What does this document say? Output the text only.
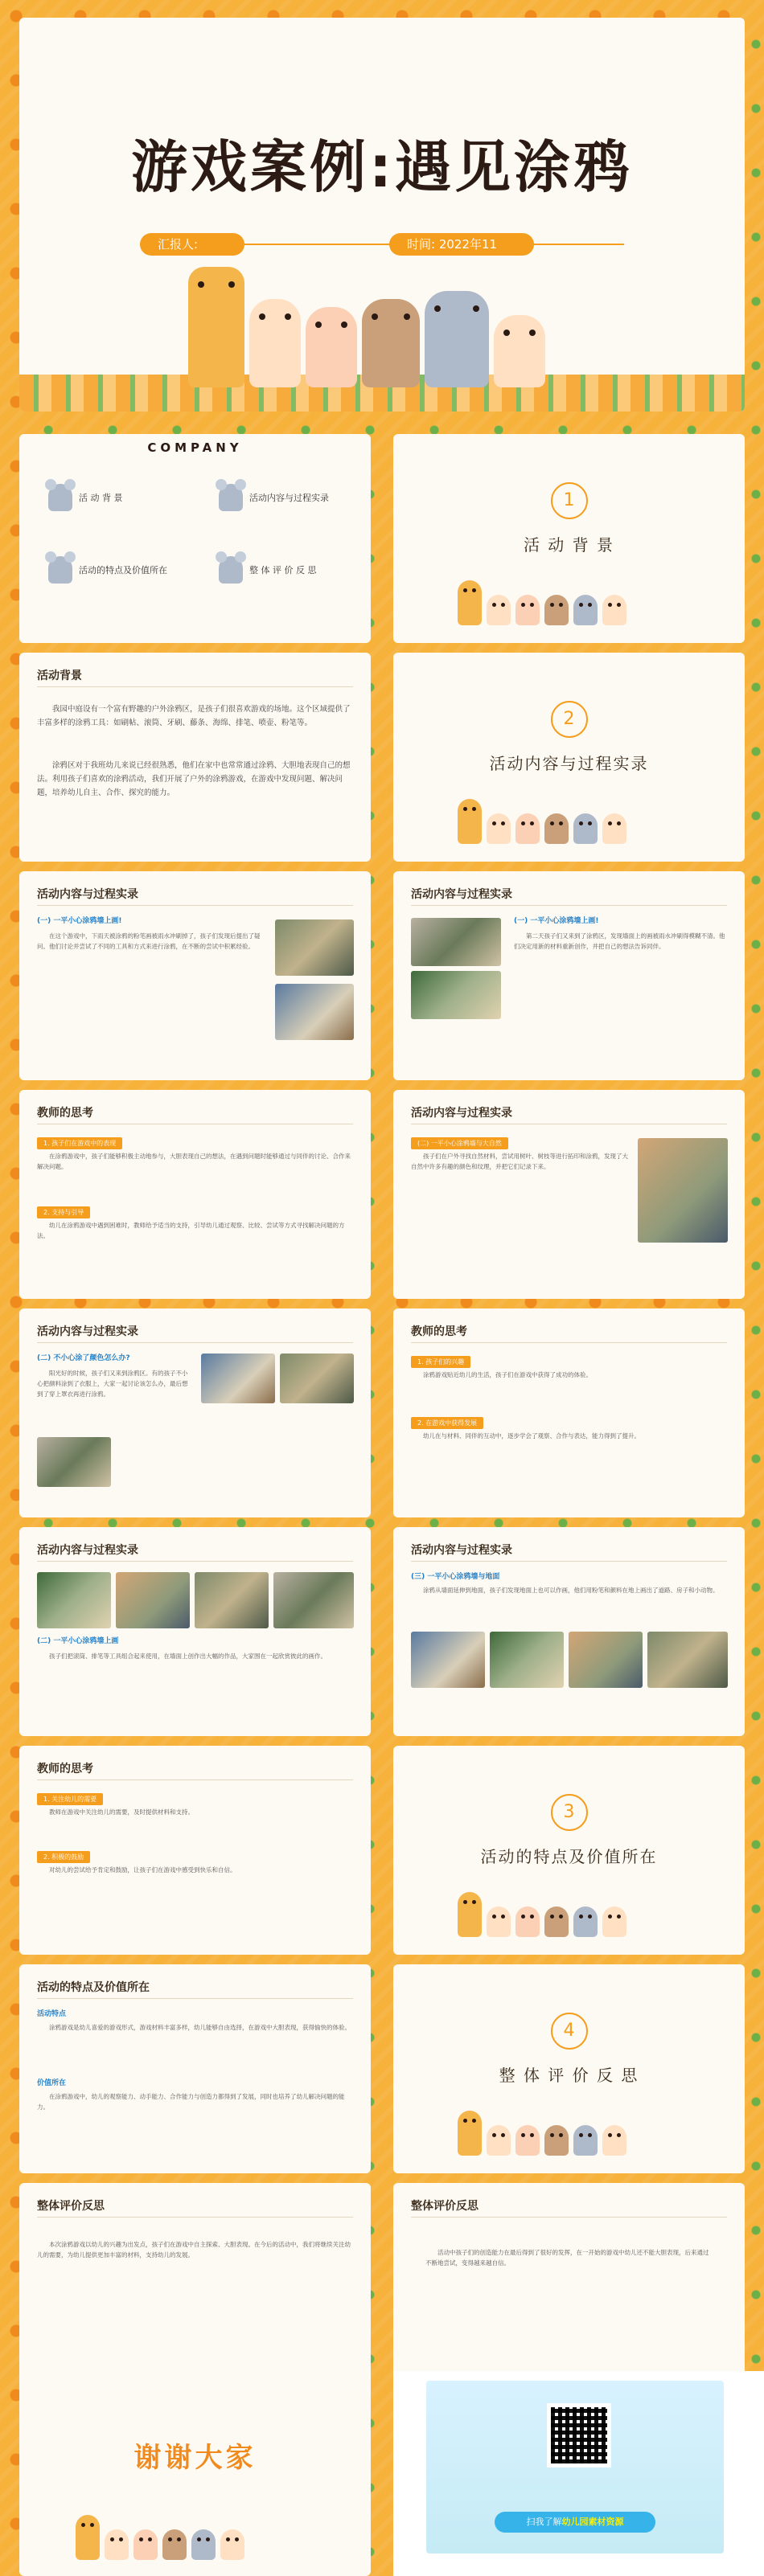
游戏案例:遇见涂鸦
汇报人:	时间: 2022年11
COMPANY
活 动 背 景	活动内容与过程实录
活动的特点及价值所在	整 体 评 价 反 思
1
活 动 背 景
活动背景
我园中庭设有一个富有野趣的户外涂鸦区，是孩子们很喜欢游戏的场地。这个区域提供了丰富多样的涂鸦工具：如刷帖、滚筒、牙刷、藤条、海绵、排笔、喷壶、粉笔等。
涂鸦区对于我班幼儿来说已经很熟悉，他们在家中也常常通过涂鸦、大胆地表现自己的想法。利用孩子们喜欢的涂鸦活动，我们开展了户外的涂鸦游戏，在游戏中发现问题、解决问题，培养幼儿自主、合作、探究的能力。
2
活动内容与过程实录
活动内容与过程实录
(一) 一平小心涂鸦墙上画!
在这个游戏中，下雨天被涂鸦的粉笔画被雨水冲刷掉了，孩子们发现后提出了疑问。他们讨论并尝试了不同的工具和方式来进行涂鸦，在不断的尝试中积累经验。
活动内容与过程实录
(一) 一平小心涂鸦墙上画!
第二天孩子们又来到了涂鸦区，发现墙面上的画被雨水冲刷得模糊不清。他们决定用新的材料重新创作，并把自己的想法告诉同伴。
教师的思考
1. 孩子们在游戏中的表现
在涂鸦游戏中，孩子们能够积极主动地参与，大胆表现自己的想法，在遇到问题时能够通过与同伴的讨论、合作来解决问题。
2. 支持与引导
幼儿在涂鸦游戏中遇到困难时，教师给予适当的支持，引导幼儿通过观察、比较、尝试等方式寻找解决问题的方法。
活动内容与过程实录
(二) 一平小心涂鸦墙与大自然
孩子们在户外寻找自然材料，尝试用树叶、树枝等进行拓印和涂鸦，发现了大自然中许多有趣的颜色和纹理，并把它们记录下来。
活动内容与过程实录
(二) 不小心涂了颜色怎么办?
阳光好的时候，孩子们又来到涂鸦区。有的孩子不小心把颜料涂到了衣服上，大家一起讨论该怎么办，最后想到了穿上罩衣再进行涂鸦。
教师的思考
1. 孩子们的兴趣
涂鸦游戏贴近幼儿的生活，孩子们在游戏中获得了成功的体验。
2. 在游戏中获得发展
幼儿在与材料、同伴的互动中，逐步学会了观察、合作与表达，能力得到了提升。
活动内容与过程实录
(二) 一平小心涂鸦墙上画
孩子们把滚筒、排笔等工具组合起来使用，在墙面上创作出大幅的作品，大家围在一起欣赏彼此的画作。
活动内容与过程实录
(三) 一平小心涂鸦墙与地面
涂鸦从墙面延伸到地面，孩子们发现地面上也可以作画，他们用粉笔和颜料在地上画出了道路、房子和小动物。
教师的思考
1. 关注幼儿的需要
教师在游戏中关注幼儿的需要，及时提供材料和支持。
2. 积极的鼓励
对幼儿的尝试给予肯定和鼓励，让孩子们在游戏中感受到快乐和自信。
3
活动的特点及价值所在
活动的特点及价值所在
活动特点
涂鸦游戏是幼儿喜爱的游戏形式，游戏材料丰富多样，幼儿能够自由选择，在游戏中大胆表现，获得愉快的体验。
价值所在
在涂鸦游戏中，幼儿的观察能力、动手能力、合作能力与创造力都得到了发展，同时也培养了幼儿解决问题的能力。
4
整 体 评 价 反 思
整体评价反思
本次涂鸦游戏以幼儿的兴趣为出发点，孩子们在游戏中自主探索、大胆表现。在今后的活动中，我们将继续关注幼儿的需要，为幼儿提供更加丰富的材料，支持幼儿的发展。
整体评价反思
活动中孩子们的创造能力在最后得到了很好的发挥，在一开始的游戏中幼儿还不能大胆表现，后来通过不断地尝试，变得越来越自信。
谢谢大家
扫我了解幼儿园素材资源
